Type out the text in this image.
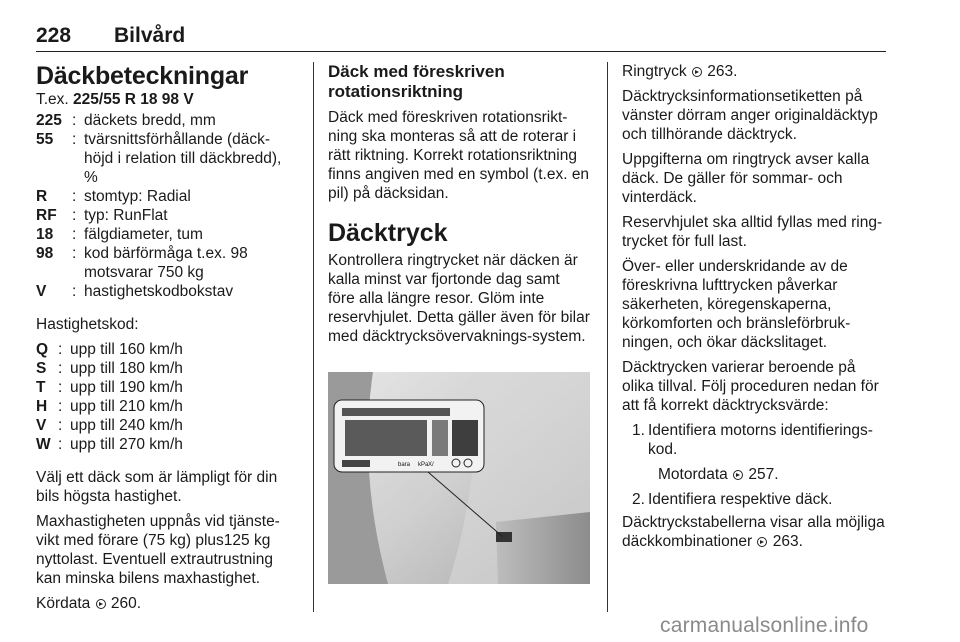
228 Bilvård
Däckbeteckningar
T.ex. 225/55 R 18 98 V
225 : däckets bredd, mm
55	: tvärsnittsförhållande (däck-höjd i relation till däckbredd), %
R	: stomtyp: Radial
RF : typ: RunFlat
18	: fälgdiameter, tum
98	: kod bärförmåga t.ex. 98 motsvarar 750 kg
V	: hastighetskodbokstav

Hastighetskod:

Q : upp till 160 km/h
S : upp till 180 km/h
T : upp till 190 km/h
H : upp till 210 km/h
V : upp till 240 km/h
W : upp till 270 km/h

Välj ett däck som är lämpligt för din bils högsta hastighet.

Maxhastigheten uppnås vid tjänste-vikt med förare (75 kg) plus125 kg nyttolast. Eventuell extrautrustning kan minska bilens maxhastighet.

Kördata 260.

Däck med föreskriven rotationsriktning

Däck med föreskriven rotationsrikt-ning ska monteras så att de roterar i rätt riktning. Korrekt rotationsriktning finns angiven med en symbol (t.ex. en pil) på däcksidan.

Däcktryck

Kontrollera ringtrycket när däcken är kalla minst var fjortonde dag samt före alla längre resor. Glöm inte reservhjulet. Detta gäller även för bilar med däcktrycksövervaknings-system.

bara kPa X/

Ringtryck 263.

Däcktrycksinformationsetiketten på vänster dörram anger originaldäcktyp och tillhörande däcktryck.

Uppgifterna om ringtryck avser kalla däck. De gäller för sommar- och vinterdäck.

Reservhjulet ska alltid fyllas med ring-trycket för full last.

Över- eller underskridande av de föreskrivna lufttrycken påverkar säkerheten, köregenskaperna, körkomforten och bränsleförbruk-ningen, och ökar däckslitaget.

Däcktrycken varierar beroende på olika tillval. Följ proceduren nedan för att få korrekt däcktrycksvärde:

1. Identifiera motorns identifierings-kod.

Motordata 257.

2. Identifiera respektive däck.

Däcktryckstabellerna visar alla möjliga däckkombinationer 263.

carmanualsonline.info
